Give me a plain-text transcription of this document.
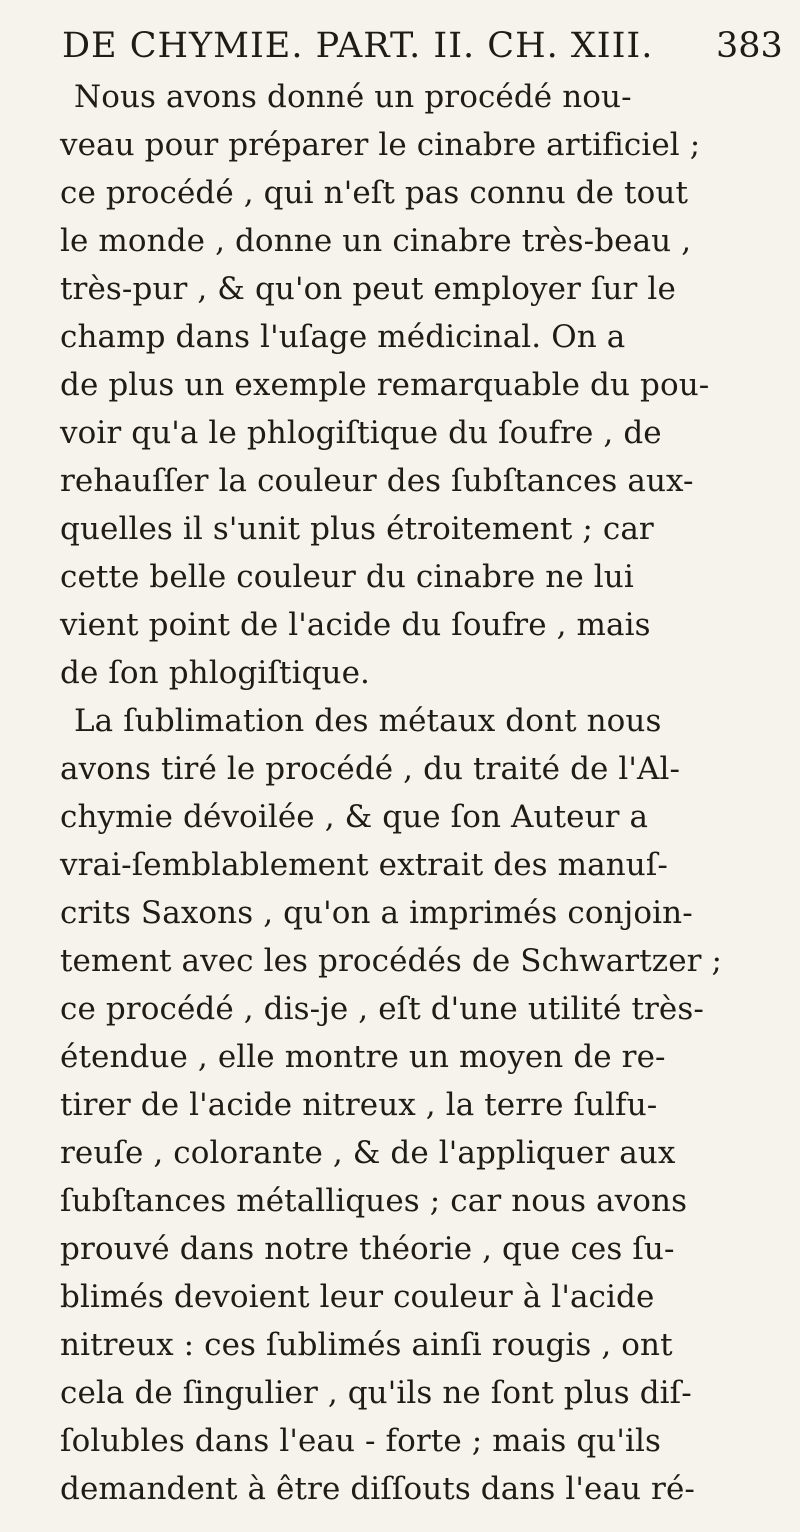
DE CHYMIE. PART. II. CH. XIII. 383
Nous avons donné un procédé nou-
veau pour préparer le cinabre artificiel ;
ce procédé , qui n'eſt pas connu de tout
le monde , donne un cinabre très-beau ,
très-pur , & qu'on peut employer ſur le
champ dans l'uſage médicinal. On a
de plus un exemple remarquable du pou-
voir qu'a le phlogiſtique du ſoufre , de
rehauſſer la couleur des ſubſtances aux-
quelles il s'unit plus étroitement ; car
cette belle couleur du cinabre ne lui
vient point de l'acide du ſoufre , mais
de ſon phlogiſtique.
La ſublimation des métaux dont nous
avons tiré le procédé , du traité de l'Al-
chymie dévoilée , & que ſon Auteur a
vrai-ſemblablement extrait des manuſ-
crits Saxons , qu'on a imprimés conjoin-
tement avec les procédés de Schwartzer ;
ce procédé , dis-je , eſt d'une utilité très-
étendue , elle montre un moyen de re-
tirer de l'acide nitreux , la terre ſulfu-
reuſe , colorante , & de l'appliquer aux
ſubſtances métalliques ; car nous avons
prouvé dans notre théorie , que ces ſu-
blimés devoient leur couleur à l'acide
nitreux : ces ſublimés ainſi rougis , ont
cela de ſingulier , qu'ils ne ſont plus diſ-
ſolubles dans l'eau - forte ; mais qu'ils
demandent à être diſſouts dans l'eau ré-
